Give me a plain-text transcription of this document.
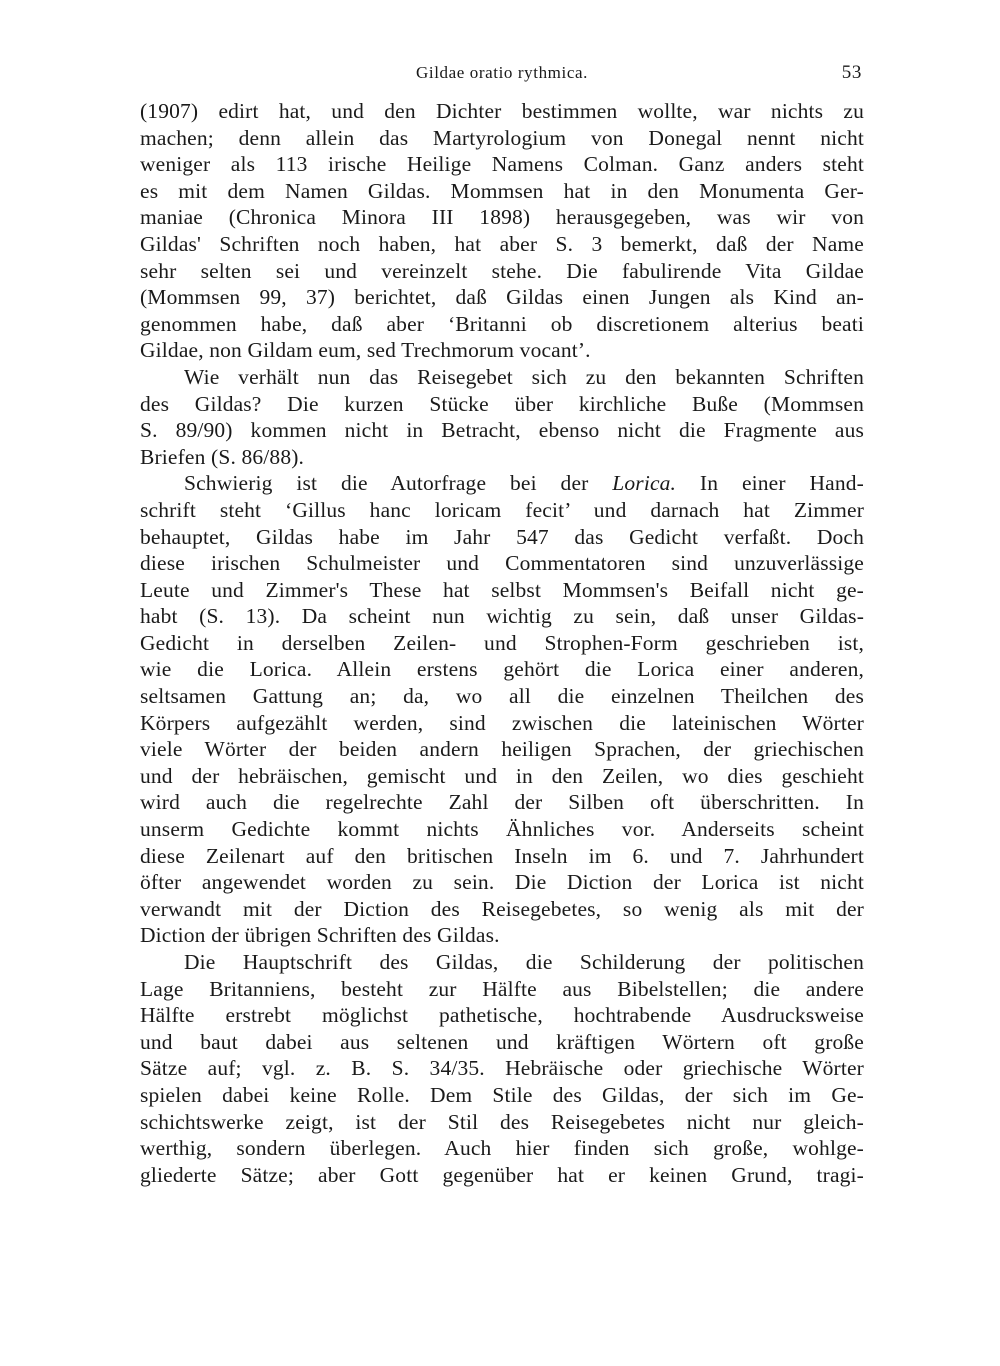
Gildae oratio rythmica.	53
(1907) edirt hat, und den Dichter bestimmen wollte, war nichts zu
machen; denn allein das Martyrologium von Donegal nennt nicht
weniger als 113 irische Heilige Namens Colman. Ganz anders steht
es mit dem Namen Gildas. Mommsen hat in den Monumenta Ger-
maniae (Chronica Minora III 1898) herausgegeben, was wir von
Gildas' Schriften noch haben, hat aber S. 3 bemerkt, daß der Name
sehr selten sei und vereinzelt stehe. Die fabulirende Vita Gildae
(Mommsen 99, 37) berichtet, daß Gildas einen Jungen als Kind an-
genommen habe, daß aber ‘Britanni ob discretionem alterius beati
Gildae, non Gildam eum, sed Trechmorum vocant’.
Wie verhält nun das Reisegebet sich zu den bekannten Schriften
des Gildas? Die kurzen Stücke über kirchliche Buße (Mommsen
S. 89/90) kommen nicht in Betracht, ebenso nicht die Fragmente aus
Briefen (S. 86/88).
Schwierig ist die Autorfrage bei der Lorica. In einer Hand-
schrift steht ‘Gillus hanc loricam fecit’ und darnach hat Zimmer
behauptet, Gildas habe im Jahr 547 das Gedicht verfaßt. Doch
diese irischen Schulmeister und Commentatoren sind unzuverlässige
Leute und Zimmer's These hat selbst Mommsen's Beifall nicht ge-
habt (S. 13). Da scheint nun wichtig zu sein, daß unser Gildas-
Gedicht in derselben Zeilen- und Strophen-Form geschrieben ist,
wie die Lorica. Allein erstens gehört die Lorica einer anderen,
seltsamen Gattung an; da, wo all die einzelnen Theilchen des
Körpers aufgezählt werden, sind zwischen die lateinischen Wörter
viele Wörter der beiden andern heiligen Sprachen, der griechischen
und der hebräischen, gemischt und in den Zeilen, wo dies geschieht
wird auch die regelrechte Zahl der Silben oft überschritten. In
unserm Gedichte kommt nichts Ähnliches vor. Anderseits scheint
diese Zeilenart auf den britischen Inseln im 6. und 7. Jahrhundert
öfter angewendet worden zu sein. Die Diction der Lorica ist nicht
verwandt mit der Diction des Reisegebetes, so wenig als mit der
Diction der übrigen Schriften des Gildas.
Die Hauptschrift des Gildas, die Schilderung der politischen
Lage Britanniens, besteht zur Hälfte aus Bibelstellen; die andere
Hälfte erstrebt möglichst pathetische, hochtrabende Ausdrucksweise
und baut dabei aus seltenen und kräftigen Wörtern oft große
Sätze auf; vgl. z. B. S. 34/35. Hebräische oder griechische Wörter
spielen dabei keine Rolle. Dem Stile des Gildas, der sich im Ge-
schichtswerke zeigt, ist der Stil des Reisegebetes nicht nur gleich-
werthig, sondern überlegen. Auch hier finden sich große, wohlge-
gliederte Sätze; aber Gott gegenüber hat er keinen Grund, tragi-
